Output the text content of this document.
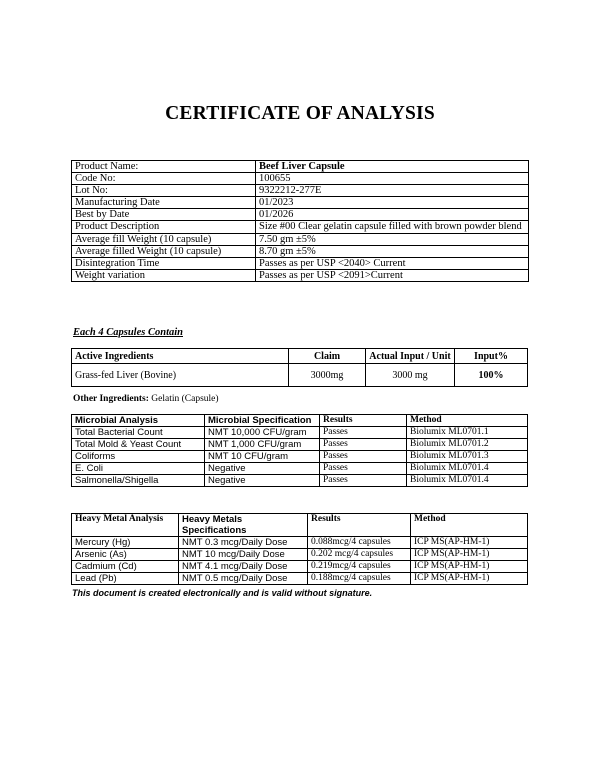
CERTIFICATE OF ANALYSIS
Product Name:	Beef Liver Capsule
Code No:	100655
Lot No:	9322212-277E
Manufacturing Date	01/2023
Best by Date	01/2026
Product Description	Size #00 Clear gelatin capsule filled with brown powder blend
Average fill Weight (10 capsule)	7.50 gm ±5%
Average filled Weight (10 capsule)	8.70 gm ±5%
Disintegration Time	Passes as per USP <2040> Current
Weight variation	Passes as per USP <2091>Current
Each 4 Capsules Contain
Active Ingredients	Claim	Actual Input / Unit	Input%
Grass-fed Liver (Bovine)	3000mg	3000 mg	100%
Other Ingredients: Gelatin (Capsule)
Microbial Analysis	Microbial Specification	Results	Method
Total Bacterial Count	NMT 10,000 CFU/gram	Passes	Biolumix ML0701.1
Total Mold & Yeast Count	NMT 1,000 CFU/gram	Passes	Biolumix ML0701.2
Coliforms	NMT 10 CFU/gram	Passes	Biolumix ML0701.3
E. Coli	Negative	Passes	Biolumix ML0701.4
Salmonella/Shigella	Negative	Passes	Biolumix ML0701.4
Heavy Metal Analysis	Heavy Metals Specifications	Results	Method
Mercury (Hg)	NMT 0.3 mcg/Daily Dose	0.088mcg/4 capsules	ICP MS(AP-HM-1)
Arsenic (As)	NMT 10 mcg/Daily Dose	0.202 mcg/4 capsules	ICP MS(AP-HM-1)
Cadmium (Cd)	NMT 4.1 mcg/Daily Dose	0.219mcg/4 capsules	ICP MS(AP-HM-1)
Lead (Pb)	NMT 0.5 mcg/Daily Dose	0.188mcg/4 capsules	ICP MS(AP-HM-1)
This document is created electronically and is valid without signature.
